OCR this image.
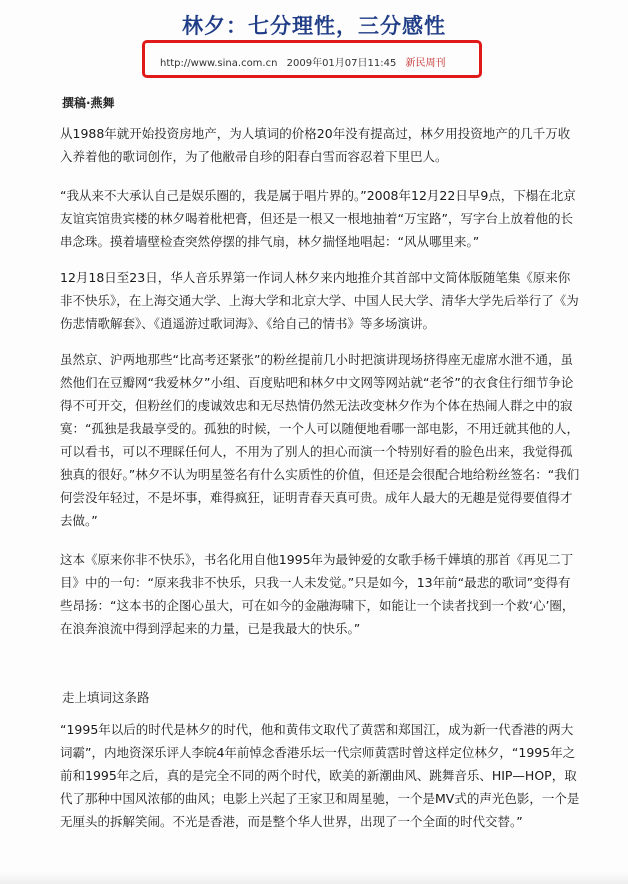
林夕：七分理性，三分感性
http://www.sina.com.cn 2009年01月07日11:45 新民周刊
撰稿·燕舞

从1988年就开始投资房地产，为人填词的价格20年没有提高过，林夕用投资地产的几千万收入养着他的歌词创作，为了他敝帚自珍的阳春白雪而容忍着下里巴人。

“我从来不大承认自己是娱乐圈的，我是属于唱片界的。”2008年12月22日早9点，下榻在北京友谊宾馆贵宾楼的林夕喝着枇杷膏，但还是一根又一根地抽着“万宝路”，写字台上放着他的长串念珠。摸着墙壁检查突然停摆的排气扇，林夕揣怪地唱起：“风从哪里来。”

12月18日至23日，华人音乐界第一作词人林夕来内地推介其首部中文简体版随笔集《原来你非不快乐》，在上海交通大学、上海大学和北京大学、中国人民大学、清华大学先后举行了《为伤悲情歌解套》、《逍遥游过歌词海》、《给自己的情书》等多场演讲。

虽然京、沪两地那些“比高考还紧张”的粉丝提前几小时把演讲现场挤得座无虚席水泄不通，虽然他们在豆瓣网“我爱林夕”小组、百度贴吧和林夕中文网等网站就“老爷”的衣食住行细节争论得不可开交，但粉丝们的虔诚效忠和无尽热情仍然无法改变林夕作为个体在热闹人群之中的寂寞：“孤独是我最享受的。孤独的时候，一个人可以随便地看哪一部电影，不用迁就其他的人，可以看书，可以不理睬任何人，不用为了别人的担心而演一个特别好看的脸色出来，我觉得孤独真的很好。”林夕不认为明星签名有什么实质性的价值，但还是会很配合地给粉丝签名：“我们何尝没年轻过，不是坏事，难得疯狂，证明青春天真可贵。成年人最大的无趣是觉得要值得才去做。”

这本《原来你非不快乐》，书名化用自他1995年为最钟爱的女歌手杨千嬅填的那首《再见二丁目》中的一句：“原来我非不快乐，只我一人未发觉。”只是如今，13年前“最悲的歌词”变得有些昂扬：“这本书的企图心虽大，可在如今的金融海啸下，如能让一个读者找到一个救‘心’圈，在浪奔浪流中得到浮起来的力量，已是我最大的快乐。”

走上填词这条路

“1995年以后的时代是林夕的时代，他和黄伟文取代了黄霑和郑国江，成为新一代香港的两大词霸”，内地资深乐评人李皖4年前悼念香港乐坛一代宗师黄霑时曾这样定位林夕，“1995年之前和1995年之后，真的是完全不同的两个时代，欧美的新潮曲风、跳舞音乐、HIP—HOP，取代了那种中国风浓郁的曲风；电影上兴起了王家卫和周星驰，一个是MV式的声光色影，一个是无厘头的拆解笑闹。不光是香港，而是整个华人世界，出现了一个全面的时代交替。”
